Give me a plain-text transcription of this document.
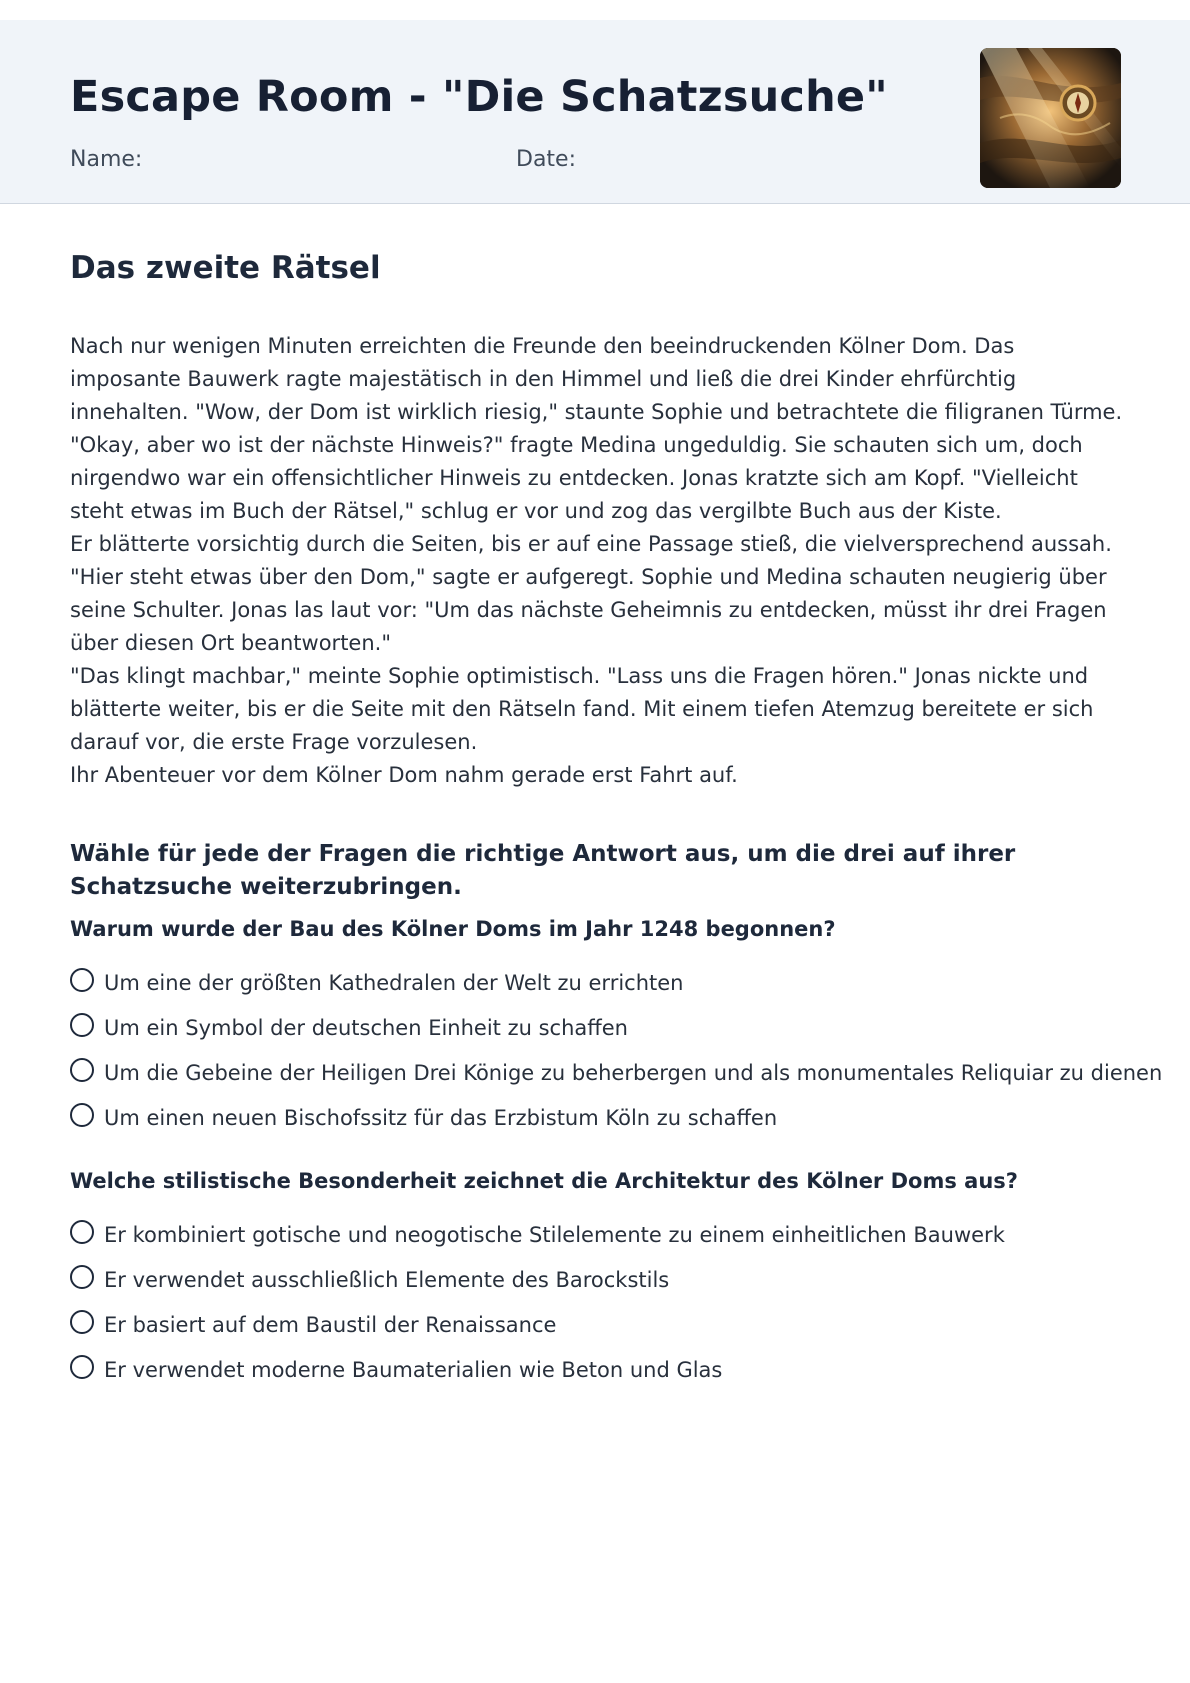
Escape Room - "Die Schatzsuche"
Name:	Date:
Das zweite Rätsel

Nach nur wenigen Minuten erreichten die Freunde den beeindruckenden Kölner Dom. Das imposante Bauwerk ragte majestätisch in den Himmel und ließ die drei Kinder ehrfürchtig innehalten. "Wow, der Dom ist wirklich riesig," staunte Sophie und betrachtete die filigranen Türme.

"Okay, aber wo ist der nächste Hinweis?" fragte Medina ungeduldig. Sie schauten sich um, doch nirgendwo war ein offensichtlicher Hinweis zu entdecken. Jonas kratzte sich am Kopf. "Vielleicht steht etwas im Buch der Rätsel," schlug er vor und zog das vergilbte Buch aus der Kiste.

Er blätterte vorsichtig durch die Seiten, bis er auf eine Passage stieß, die vielversprechend aussah. "Hier steht etwas über den Dom," sagte er aufgeregt. Sophie und Medina schauten neugierig über seine Schulter. Jonas las laut vor: "Um das nächste Geheimnis zu entdecken, müsst ihr drei Fragen über diesen Ort beantworten."

"Das klingt machbar," meinte Sophie optimistisch. "Lass uns die Fragen hören." Jonas nickte und blätterte weiter, bis er die Seite mit den Rätseln fand. Mit einem tiefen Atemzug bereitete er sich darauf vor, die erste Frage vorzulesen.

Ihr Abenteuer vor dem Kölner Dom nahm gerade erst Fahrt auf.

Wähle für jede der Fragen die richtige Antwort aus, um die drei auf ihrer Schatzsuche weiterzubringen.

Warum wurde der Bau des Kölner Doms im Jahr 1248 begonnen?

Um eine der größten Kathedralen der Welt zu errichten
Um ein Symbol der deutschen Einheit zu schaffen
Um die Gebeine der Heiligen Drei Könige zu beherbergen und als monumentales Reliquiar zu dienen
Um einen neuen Bischofssitz für das Erzbistum Köln zu schaffen

Welche stilistische Besonderheit zeichnet die Architektur des Kölner Doms aus?

Er kombiniert gotische und neogotische Stilelemente zu einem einheitlichen Bauwerk
Er verwendet ausschließlich Elemente des Barockstils
Er basiert auf dem Baustil der Renaissance
Er verwendet moderne Baumaterialien wie Beton und Glas
